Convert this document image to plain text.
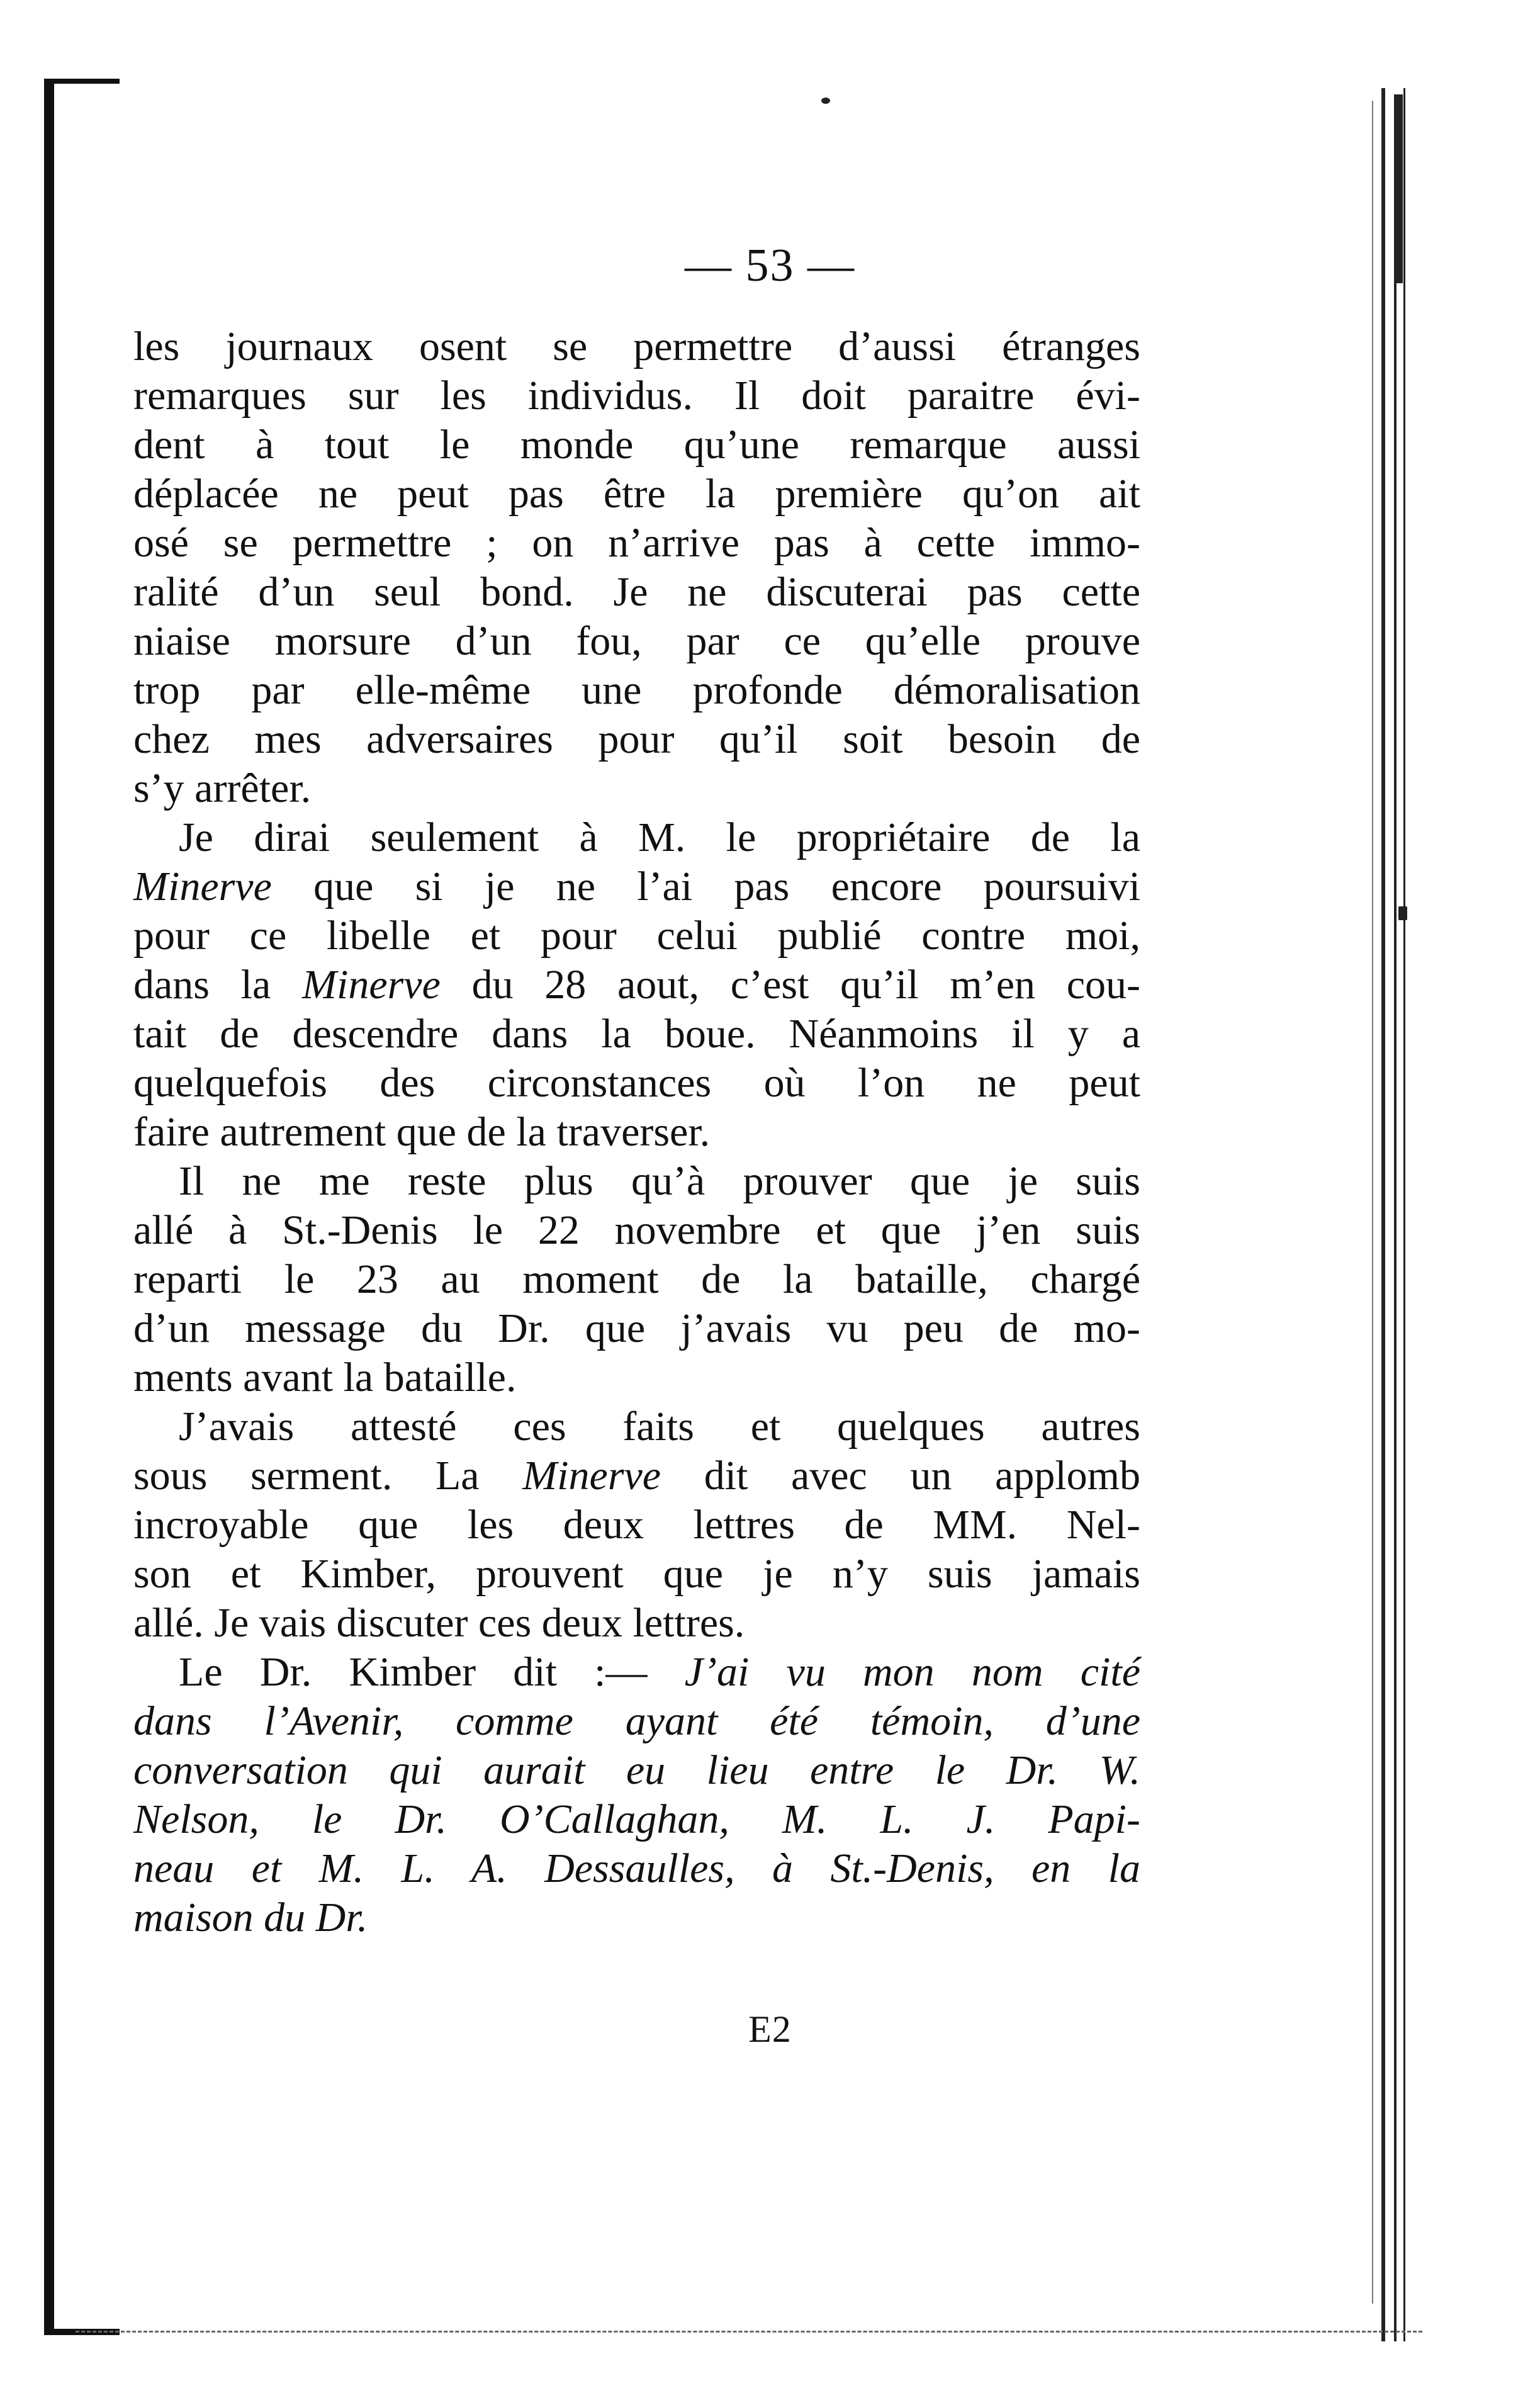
— 53 —
les journaux osent se permettre d’aussi étranges
remarques sur les individus. Il doit paraitre évi-
dent à tout le monde qu’une remarque aussi
déplacée ne peut pas être la première qu’on ait
osé se permettre ; on n’arrive pas à cette immo-
ralité d’un seul bond. Je ne discuterai pas cette
niaise morsure d’un fou, par ce qu’elle prouve
trop par elle-même une profonde démoralisation
chez mes adversaires pour qu’il soit besoin de
s’y arrêter.
Je dirai seulement à M. le propriétaire de la
Minerve que si je ne l’ai pas encore poursuivi
pour ce libelle et pour celui publié contre moi,
dans la Minerve du 28 aout, c’est qu’il m’en cou-
tait de descendre dans la boue. Néanmoins il y a
quelquefois des circonstances où l’on ne peut
faire autrement que de la traverser.
Il ne me reste plus qu’à prouver que je suis
allé à St.-Denis le 22 novembre et que j’en suis
reparti le 23 au moment de la bataille, chargé
d’un message du Dr. que j’avais vu peu de mo-
ments avant la bataille.
J’avais attesté ces faits et quelques autres
sous serment. La Minerve dit avec un applomb
incroyable que les deux lettres de MM. Nel-
son et Kimber, prouvent que je n’y suis jamais
allé. Je vais discuter ces deux lettres.
Le Dr. Kimber dit :— J’ai vu mon nom cité
dans l’Avenir, comme ayant été témoin, d’une
conversation qui aurait eu lieu entre le Dr. W.
Nelson, le Dr. O’Callaghan, M. L. J. Papi-
neau et M. L. A. Dessaulles, à St.-Denis, en la
maison du Dr.
E2
